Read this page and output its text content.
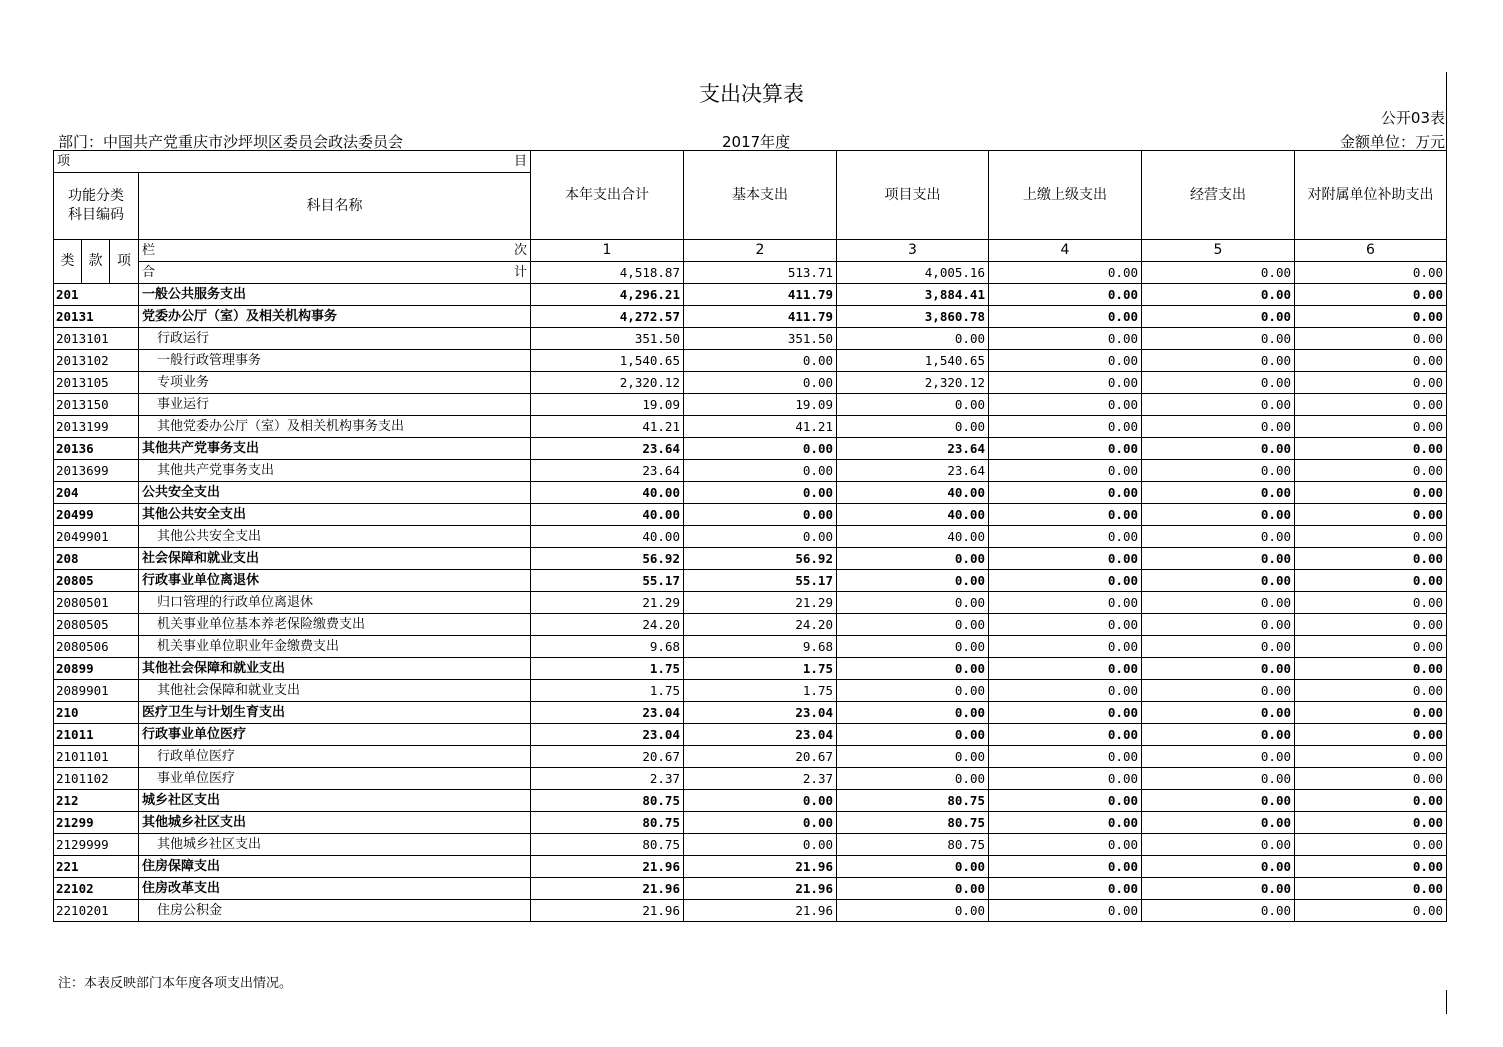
支出决算表
公开03表
部门：中国共产党重庆市沙坪坝区委员会政法委员会	2017年度	金额单位：万元
项 目				本年支出合计	基本支出	项目支出	上缴上级支出	经营支出	对附属单位补助支出
功能分类
科目编码			科目名称						
类	款	项	栏 次	1	2	3	4	5	6

			合 计	4,518.87	513.71	4,005.16	0.00	0.00	0.00
201			一般公共服务支出	4,296.21	411.79	3,884.41	0.00	0.00	0.00
20131			党委办公厅（室）及相关机构事务	4,272.57	411.79	3,860.78	0.00	0.00	0.00
2013101			行政运行	351.50	351.50	0.00	0.00	0.00	0.00
2013102			一般行政管理事务	1,540.65	0.00	1,540.65	0.00	0.00	0.00
2013105			专项业务	2,320.12	0.00	2,320.12	0.00	0.00	0.00
2013150			事业运行	19.09	19.09	0.00	0.00	0.00	0.00
2013199			其他党委办公厅（室）及相关机构事务支出	41.21	41.21	0.00	0.00	0.00	0.00
20136			其他共产党事务支出	23.64	0.00	23.64	0.00	0.00	0.00
2013699			其他共产党事务支出	23.64	0.00	23.64	0.00	0.00	0.00
204			公共安全支出	40.00	0.00	40.00	0.00	0.00	0.00
20499			其他公共安全支出	40.00	0.00	40.00	0.00	0.00	0.00
2049901			其他公共安全支出	40.00	0.00	40.00	0.00	0.00	0.00
208			社会保障和就业支出	56.92	56.92	0.00	0.00	0.00	0.00
20805			行政事业单位离退休	55.17	55.17	0.00	0.00	0.00	0.00
2080501			归口管理的行政单位离退休	21.29	21.29	0.00	0.00	0.00	0.00
2080505			机关事业单位基本养老保险缴费支出	24.20	24.20	0.00	0.00	0.00	0.00
2080506			机关事业单位职业年金缴费支出	9.68	9.68	0.00	0.00	0.00	0.00
20899			其他社会保障和就业支出	1.75	1.75	0.00	0.00	0.00	0.00
2089901			其他社会保障和就业支出	1.75	1.75	0.00	0.00	0.00	0.00
210			医疗卫生与计划生育支出	23.04	23.04	0.00	0.00	0.00	0.00
21011			行政事业单位医疗	23.04	23.04	0.00	0.00	0.00	0.00
2101101			行政单位医疗	20.67	20.67	0.00	0.00	0.00	0.00
2101102			事业单位医疗	2.37	2.37	0.00	0.00	0.00	0.00
212			城乡社区支出	80.75	0.00	80.75	0.00	0.00	0.00
21299			其他城乡社区支出	80.75	0.00	80.75	0.00	0.00	0.00
2129999			其他城乡社区支出	80.75	0.00	80.75	0.00	0.00	0.00
221			住房保障支出	21.96	21.96	0.00	0.00	0.00	0.00
22102			住房改革支出	21.96	21.96	0.00	0.00	0.00	0.00
2210201			住房公积金	21.96	21.96	0.00	0.00	0.00	0.00
注：本表反映部门本年度各项支出情况。
